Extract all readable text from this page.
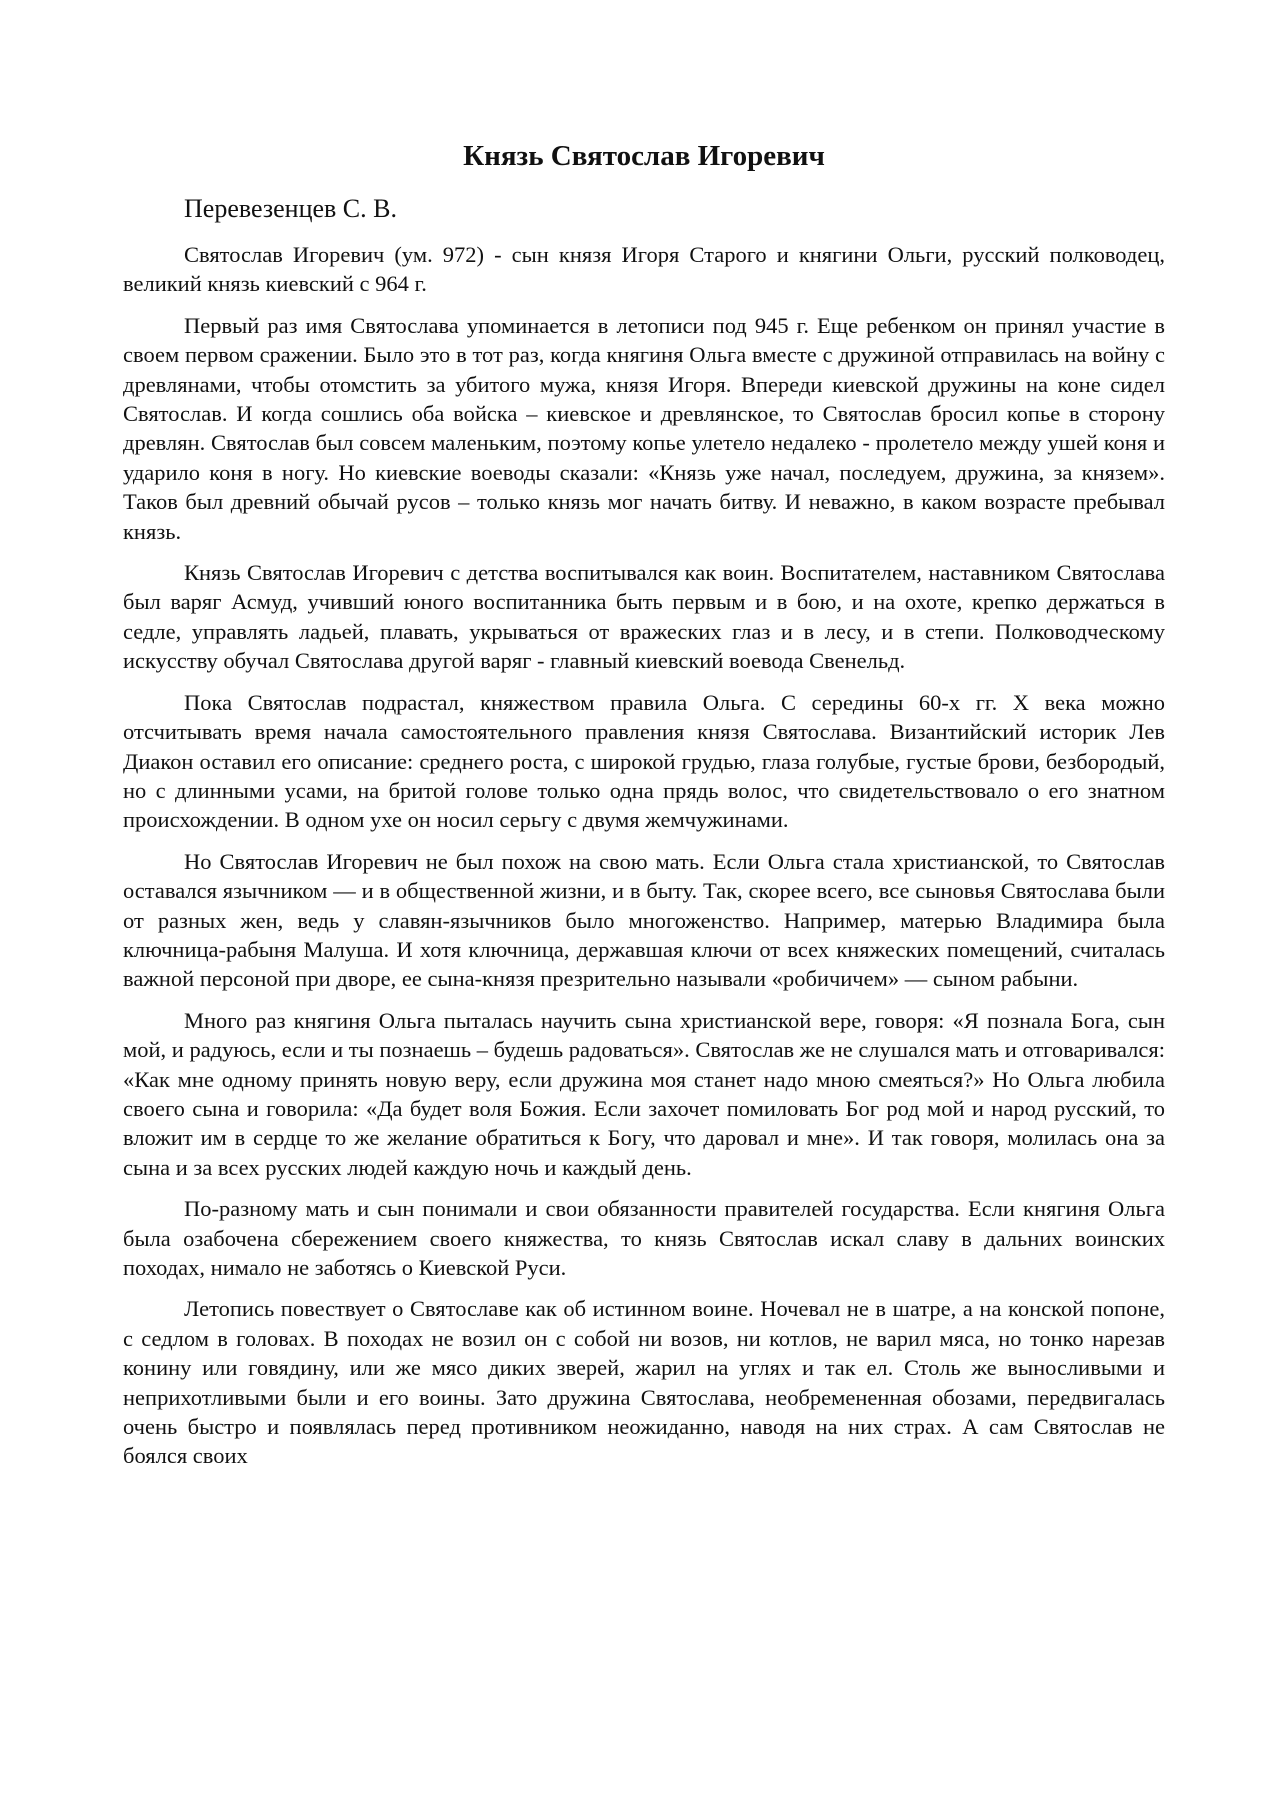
Князь Святослав Игоревич

Перевезенцев С. В.

Святослав Игоревич (ум. 972) - сын князя Игоря Старого и княгини Ольги, русский полководец, великий князь киевский с 964 г.

Первый раз имя Святослава упоминается в летописи под 945 г. Еще ребенком он принял участие в своем первом сражении. Было это в тот раз, когда княгиня Ольга вместе с дружиной отправилась на войну с древлянами, чтобы отомстить за убитого мужа, князя Игоря. Впереди киевской дружины на коне сидел Святослав. И когда сошлись оба войска – киевское и древлянское, то Святослав бросил копье в сторону древлян. Святослав был совсем маленьким, поэтому копье улетело недалеко - пролетело между ушей коня и ударило коня в ногу. Но киевские воеводы сказали: «Князь уже начал, последуем, дружина, за князем». Таков был древний обычай русов – только князь мог начать битву. И неважно, в каком возрасте пребывал князь.

Князь Святослав Игоревич с детства воспитывался как воин. Воспитателем, наставником Святослава был варяг Асмуд, учивший юного воспитанника быть первым и в бою, и на охоте, крепко держаться в седле, управлять ладьей, плавать, укрываться от вражеских глаз и в лесу, и в степи. Полководческому искусству обучал Святослава другой варяг - главный киевский воевода Свенельд.

Пока Святослав подрастал, княжеством правила Ольга. С середины 60-х гг. X века можно отсчитывать время начала самостоятельного правления князя Святослава. Византийский историк Лев Диакон оставил его описание: среднего роста, с широкой грудью, глаза голубые, густые брови, безбородый, но с длинными усами, на бритой голове только одна прядь волос, что свидетельствовало о его знатном происхождении. В одном ухе он носил серьгу с двумя жемчужинами.

Но Святослав Игоревич не был похож на свою мать. Если Ольга стала христианской, то Святослав оставался язычником — и в общественной жизни, и в быту. Так, скорее всего, все сыновья Святослава были от разных жен, ведь у славян-язычников было многоженство. Например, матерью Владимира была ключница-рабыня Малуша. И хотя ключница, державшая ключи от всех княжеских помещений, считалась важной персоной при дворе, ее сына-князя презрительно называли «робичичем» — сыном рабыни.

Много раз княгиня Ольга пыталась научить сына христианской вере, говоря: «Я познала Бога, сын мой, и радуюсь, если и ты познаешь – будешь радоваться». Святослав же не слушался мать и отговаривался: «Как мне одному принять новую веру, если дружина моя станет надо мною смеяться?» Но Ольга любила своего сына и говорила: «Да будет воля Божия. Если захочет помиловать Бог род мой и народ русский, то вложит им в сердце то же желание обратиться к Богу, что даровал и мне». И так говоря, молилась она за сына и за всех русских людей каждую ночь и каждый день.

По-разному мать и сын понимали и свои обязанности правителей государства. Если княгиня Ольга была озабочена сбережением своего княжества, то князь Святослав искал славу в дальних воинских походах, нимало не заботясь о Киевской Руси.

Летопись повествует о Святославе как об истинном воине. Ночевал не в шатре, а на конской попоне, с седлом в головах. В походах не возил он с собой ни возов, ни котлов, не варил мяса, но тонко нарезав конину или говядину, или же мясо диких зверей, жарил на углях и так ел. Столь же выносливыми и неприхотливыми были и его воины. Зато дружина Святослава, необремененная обозами, передвигалась очень быстро и появлялась перед противником неожиданно, наводя на них страх. А сам Святослав не боялся своих
